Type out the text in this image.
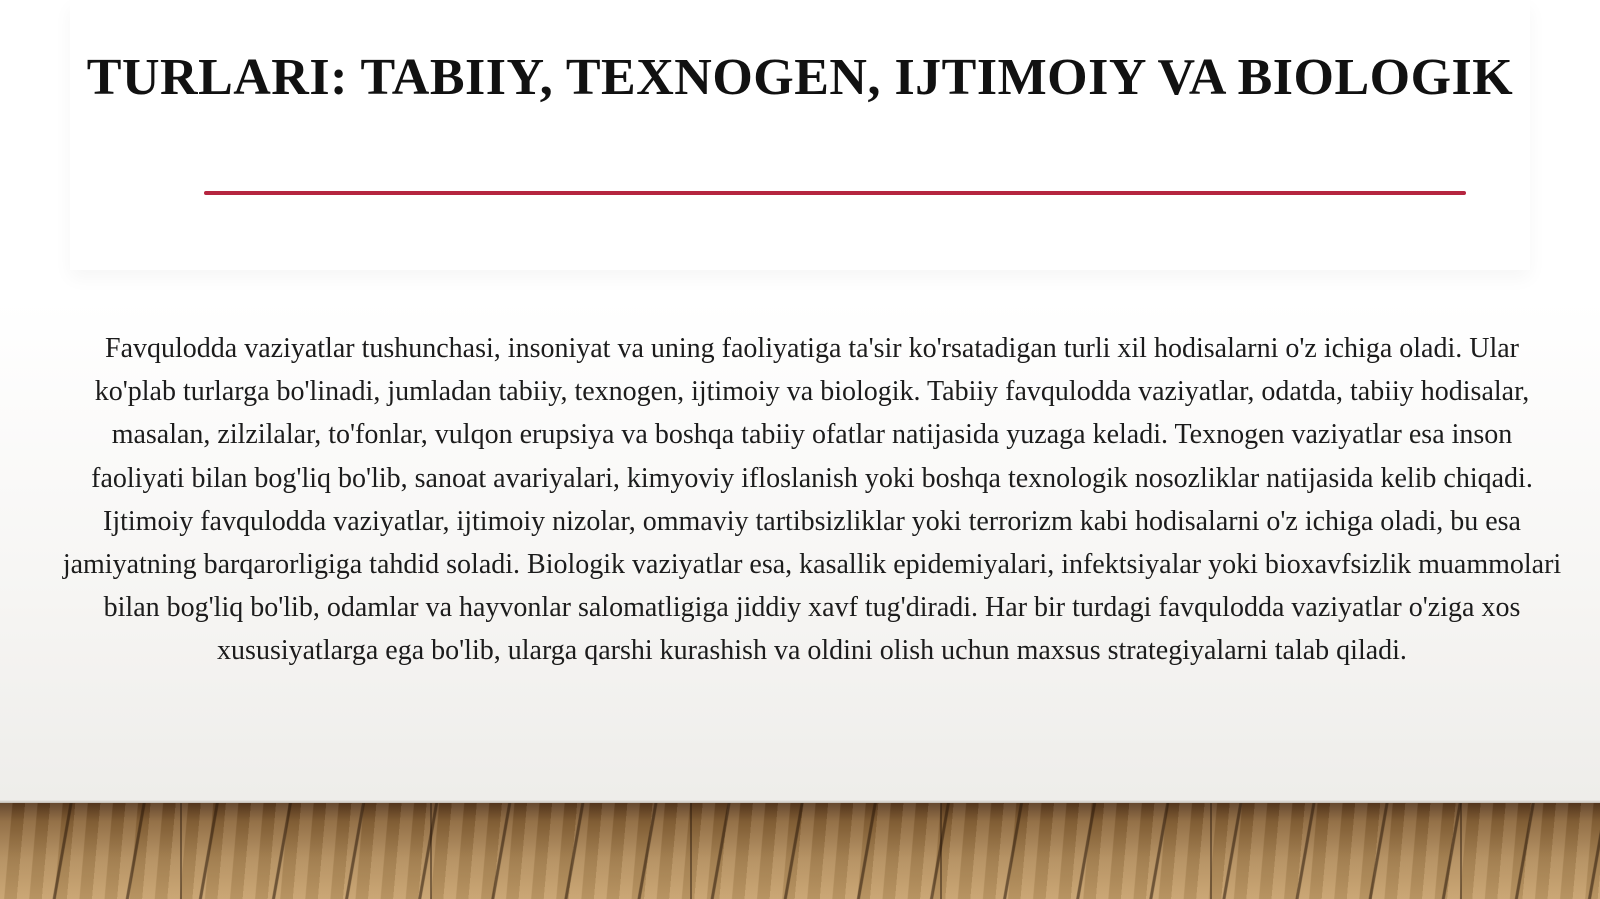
TURLARI: TABIIY, TEXNOGEN, IJTIMOIY VA BIOLOGIK

Favqulodda vaziyatlar tushunchasi, insoniyat va uning faoliyatiga ta'sir ko'rsatadigan turli xil hodisalarni o'z ichiga oladi. Ular ko'plab turlarga bo'linadi, jumladan tabiiy, texnogen, ijtimoiy va biologik. Tabiiy favqulodda vaziyatlar, odatda, tabiiy hodisalar, masalan, zilzilalar, to'fonlar, vulqon erupsiya va boshqa tabiiy ofatlar natijasida yuzaga keladi. Texnogen vaziyatlar esa inson faoliyati bilan bog'liq bo'lib, sanoat avariyalari, kimyoviy ifloslanish yoki boshqa texnologik nosozliklar natijasida kelib chiqadi. Ijtimoiy favqulodda vaziyatlar, ijtimoiy nizolar, ommaviy tartibsizliklar yoki terrorizm kabi hodisalarni o'z ichiga oladi, bu esa jamiyatning barqarorligiga tahdid soladi. Biologik vaziyatlar esa, kasallik epidemiyalari, infektsiyalar yoki bioxavfsizlik muammolari bilan bog'liq bo'lib, odamlar va hayvonlar salomatligiga jiddiy xavf tug'diradi. Har bir turdagi favqulodda vaziyatlar o'ziga xos xususiyatlarga ega bo'lib, ularga qarshi kurashish va oldini olish uchun maxsus strategiyalarni talab qiladi.
